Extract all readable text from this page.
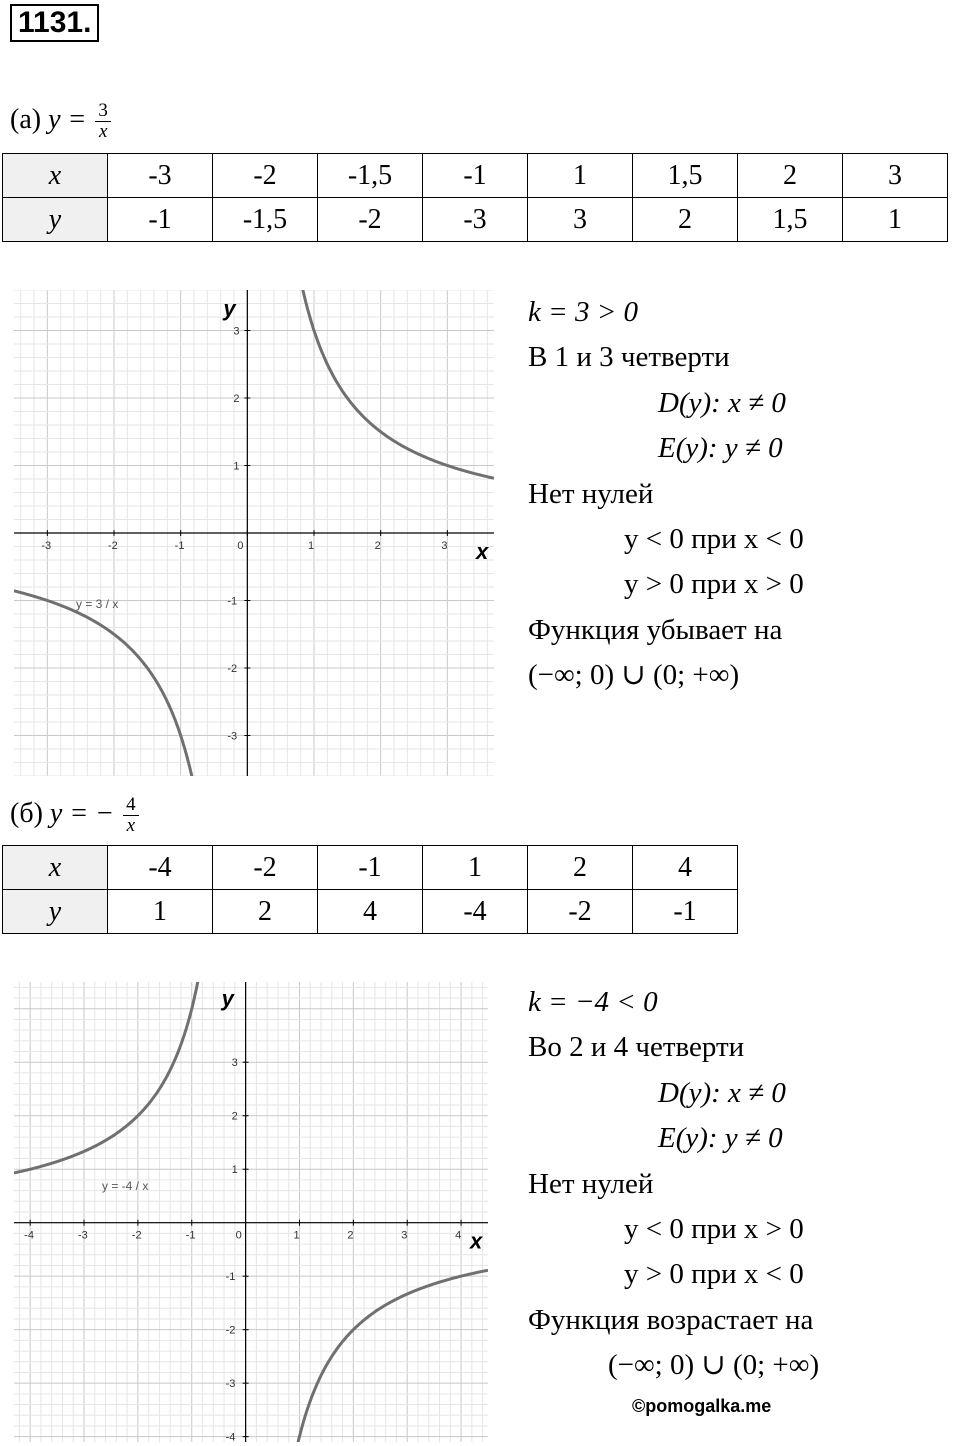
1131.
(а) $y = \frac{3}{x}$
x	-3	-2	-1,5	-1	1	1,5	2	3
y	-1	-1,5	-2	-3	3	2	1,5	1
-3	-2	-1	0	1	2	3
3
2
1
-1
-2
-3
x
y
y = 3 / x
k = 3 > 0
В 1 и 3 четверти
D(y): x ≠ 0
E(y): y ≠ 0
Нет нулей
y < 0 при x < 0
y > 0 при x > 0
Функция убывает на
(−∞; 0) ∪ (0; +∞)
(б) y = − $\frac{4}{x}$
x	-4	-2	-1	1	2	4
y	1	2	4	-4	-2	-1
-4	-3	-2	-1	0	1	2	3	4
3
2
1
-1
-2
-3
-4
x
y
y = -4 / x
k = −4 < 0
Во 2 и 4 четверти
D(y): x ≠ 0
E(y): y ≠ 0
Нет нулей
y < 0 при x > 0
y > 0 при x < 0
Функция возрастает на
(−∞; 0) ∪ (0; +∞)
©pomogalka.me
